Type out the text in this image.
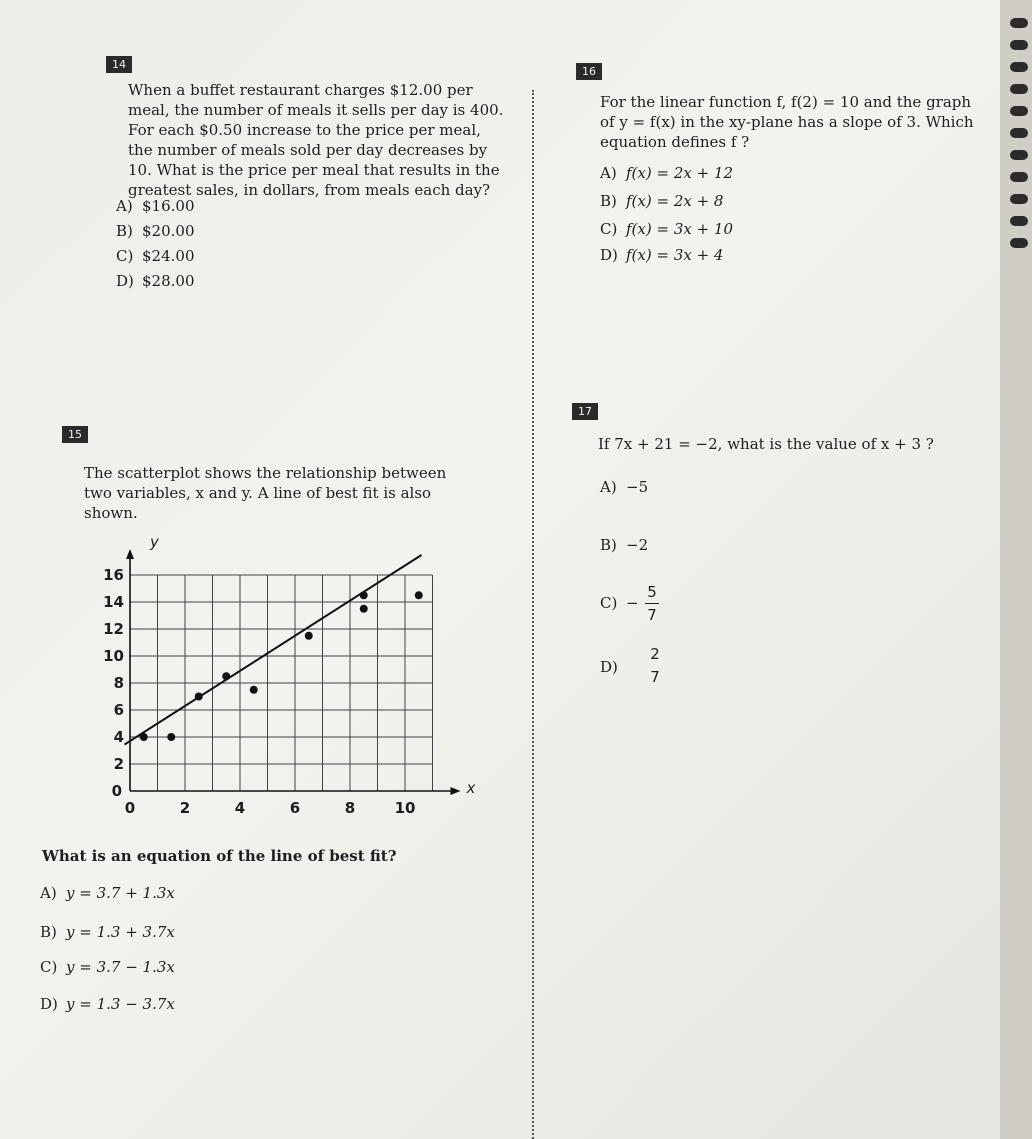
14

When a buffet restaurant charges $12.00 per meal, the number of meals it sells per day is 400. For each $0.50 increase to the price per meal, the number of meals sold per day decreases by 10. What is the price per meal that results in the greatest sales, in dollars, from meals each day?

A) $16.00
B) $20.00
C) $24.00
D) $28.00
16

For the linear function f, f(2) = 10 and the graph of y = f(x) in the xy-plane has a slope of 3. Which equation defines f ?

A) f(x) = 2x + 12
B) f(x) = 2x + 8
C) f(x) = 3x + 10
D) f(x) = 3x + 4
17
If 7x + 21 = −2, what is the value of x + 3 ?
A) −5
B) −2
C) −
5
7
D)
2
7
15

The scatterplot shows the relationship between two variables, x and y. A line of best fit is also shown.

0	2	4	6	8	10
0
2
4
6
8
10
12
14
16
x
y
What is an equation of the line of best fit?
A) y = 3.7 + 1.3x
B) y = 1.3 + 3.7x
C) y = 3.7 − 1.3x
D) y = 1.3 − 3.7x
